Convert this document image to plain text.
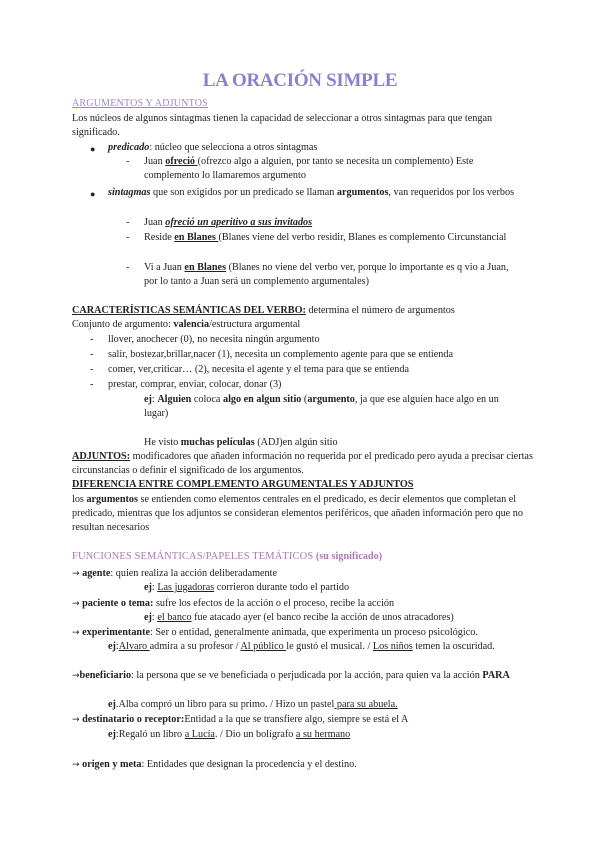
LA ORACIÓN SIMPLE
ARGUMENTOS Y ADJUNTOS
Los núcleos de algunos sintagmas tienen la capacidad de seleccionar a otros sintagmas para que tengan significado.
● predicado: núcleo que selecciona a otros sintagmas
- Juan ofreció (ofrezco algo a alguien, por tanto se necesita un complemento) Este complemento lo llamaremos argumento
● sintagmas que son exigidos por un predicado se llaman argumentos, van requeridos por los verbos
- Juan ofreció un aperitivo a sus invitados
- Reside en Blanes (Blanes viene del verbo residir, Blanes es complemento Circunstancial
- Vi a Juan en Blanes (Blanes no viene del verbo ver, porque lo importante es q vio a Juan, por lo tanto a Juan será un complemento argumentales)
CARACTERÍSTICAS SEMÁNTICAS DEL VERBO: determina el número de argumentos
Conjunto de argumento: valencia/estructura argumental
- llover, anochecer (0), no necesita ningún argumento
- salir, bostezar,brillar,nacer (1), necesita un complemento agente para que se entienda
- comer, ver,criticar… (2), necesita el agente y el tema para que se entienda
- prestar, comprar, enviar, colocar, donar (3)
ej: Alguien coloca algo en algun sitio (argumento, ja que ese alguien hace algo en un lugar)
He visto muchas películas (ADJ)en algún sitio
ADJUNTOS: modificadores que añaden información no requerida por el predicado pero ayuda a precisar ciertas circunstancias o definir el significado de los argumentos.
DIFERENCIA ENTRE COMPLEMENTO ARGUMENTALES Y ADJUNTOS
los argumentos se entienden como elementos centrales en el predicado, es decir elementos que completan el predicado, mientras que los adjuntos se consideran elementos periféricos, que añaden información pero que no resultan necesarios
FUNCIONES SEMÁNTICAS/PAPELES TEMÁTICOS (su significado)
→ agente: quien realiza la acción deliberadamente
ej: Las jugadoras corrieron durante todo el partido
→ paciente o tema: sufre los efectos de la acción o el proceso, recibe la acción
ej: el banco fue atacado ayer (el banco recibe la acción de unos atracadores)
→ experimentante: Ser o entidad, generalmente animada, que experimenta un proceso psicológico.
ej:Alvaro admira a su profesor / Al público le gustó el musical. / Los niños temen la oscuridad.
→beneficiario: la persona que se ve beneficiada o perjudicada por la acción, para quien va la acción PARA
ej.Alba compró un libro para su primo. / Hizo un pastel para su abuela.
→ destinatario o receptor:Entidad a la que se transfiere algo, siempre se está el A
ej:Regaló un libro a Lucía. / Dio un bolígrafo a su hermano
→ origen y meta: Entidades que designan la procedencia y el destino.
